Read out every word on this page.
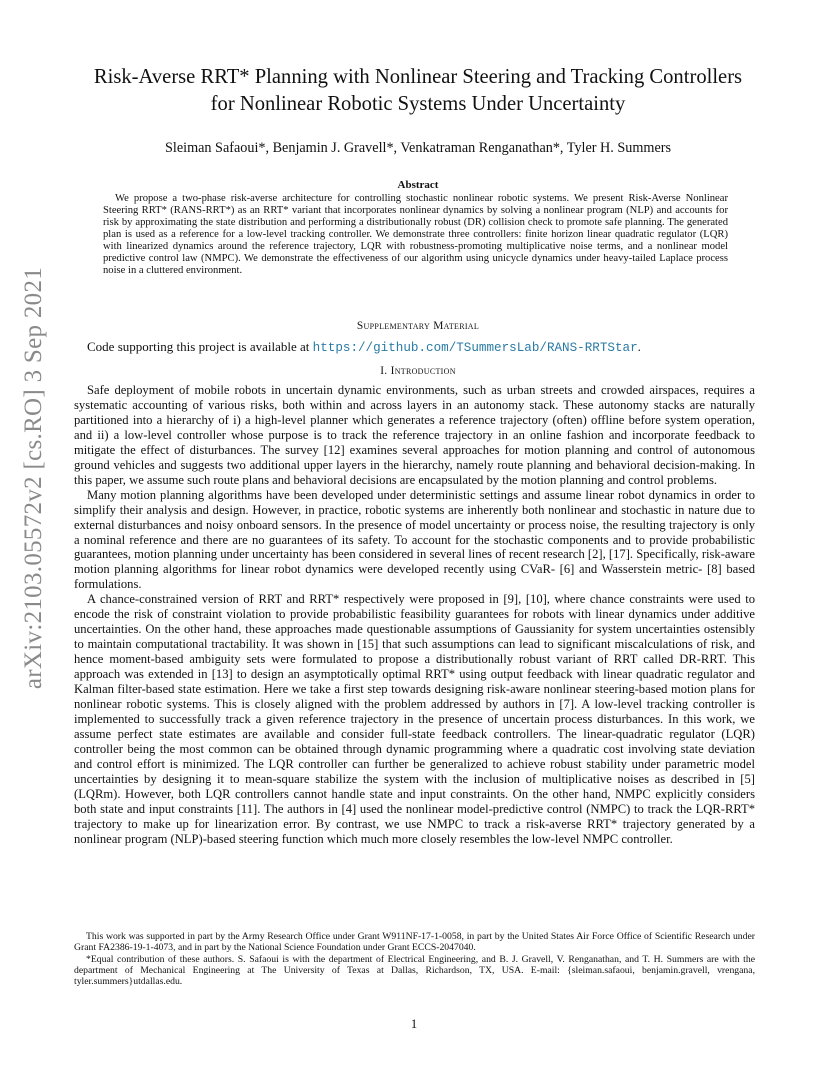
arXiv:2103.05572v2 [cs.RO] 3 Sep 2021
Risk-Averse RRT* Planning with Nonlinear Steering and Tracking Controllers for Nonlinear Robotic Systems Under Uncertainty
Sleiman Safaoui*, Benjamin J. Gravell*, Venkatraman Renganathan*, Tyler H. Summers
Abstract

We propose a two-phase risk-averse architecture for controlling stochastic nonlinear robotic systems. We present Risk-Averse Nonlinear Steering RRT* (RANS-RRT*) as an RRT* variant that incorporates nonlinear dynamics by solving a nonlinear program (NLP) and accounts for risk by approximating the state distribution and performing a distributionally robust (DR) collision check to promote safe planning. The generated plan is used as a reference for a low-level tracking controller. We demonstrate three controllers: finite horizon linear quadratic regulator (LQR) with linearized dynamics around the reference trajectory, LQR with robustness-promoting multiplicative noise terms, and a nonlinear model predictive control law (NMPC). We demonstrate the effectiveness of our algorithm using unicycle dynamics under heavy-tailed Laplace process noise in a cluttered environment.

Supplementary Material
Code supporting this project is available at https://github.com/TSummersLab/RANS-RRTStar.
I. Introduction

Safe deployment of mobile robots in uncertain dynamic environments, such as urban streets and crowded airspaces, requires a systematic accounting of various risks, both within and across layers in an autonomy stack. These autonomy stacks are naturally partitioned into a hierarchy of i) a high-level planner which generates a reference trajectory (often) offline before system operation, and ii) a low-level controller whose purpose is to track the reference trajectory in an online fashion and incorporate feedback to mitigate the effect of disturbances. The survey [12] examines several approaches for motion planning and control of autonomous ground vehicles and suggests two additional upper layers in the hierarchy, namely route planning and behavioral decision-making. In this paper, we assume such route plans and behavioral decisions are encapsulated by the motion planning and control problems.

Many motion planning algorithms have been developed under deterministic settings and assume linear robot dynamics in order to simplify their analysis and design. However, in practice, robotic systems are inherently both nonlinear and stochastic in nature due to external disturbances and noisy onboard sensors. In the presence of model uncertainty or process noise, the resulting trajectory is only a nominal reference and there are no guarantees of its safety. To account for the stochastic components and to provide probabilistic guarantees, motion planning under uncertainty has been considered in several lines of recent research [2], [17]. Specifically, risk-aware motion planning algorithms for linear robot dynamics were developed recently using CVaR- [6] and Wasserstein metric- [8] based formulations.

A chance-constrained version of RRT and RRT* respectively were proposed in [9], [10], where chance constraints were used to encode the risk of constraint violation to provide probabilistic feasibility guarantees for robots with linear dynamics under additive uncertainties. On the other hand, these approaches made questionable assumptions of Gaussianity for system uncertainties ostensibly to maintain computational tractability. It was shown in [15] that such assumptions can lead to significant miscalculations of risk, and hence moment-based ambiguity sets were formulated to propose a distributionally robust variant of RRT called DR-RRT. This approach was extended in [13] to design an asymptotically optimal RRT* using output feedback with linear quadratic regulator and Kalman filter-based state estimation. Here we take a first step towards designing risk-aware nonlinear steering-based motion plans for nonlinear robotic systems. This is closely aligned with the problem addressed by authors in [7]. A low-level tracking controller is implemented to successfully track a given reference trajectory in the presence of uncertain process disturbances. In this work, we assume perfect state estimates are available and consider full-state feedback controllers. The linear-quadratic regulator (LQR) controller being the most common can be obtained through dynamic programming where a quadratic cost involving state deviation and control effort is minimized. The LQR controller can further be generalized to achieve robust stability under parametric model uncertainties by designing it to mean-square stabilize the system with the inclusion of multiplicative noises as described in [5] (LQRm). However, both LQR controllers cannot handle state and input constraints. On the other hand, NMPC explicitly considers both state and input constraints [11]. The authors in [4] used the nonlinear model-predictive control (NMPC) to track the LQR-RRT* trajectory to make up for linearization error. By contrast, we use NMPC to track a risk-averse RRT* trajectory generated by a nonlinear program (NLP)-based steering function which much more closely resembles the low-level NMPC controller.

This work was supported in part by the Army Research Office under Grant W911NF-17-1-0058, in part by the United States Air Force Office of Scientific Research under Grant FA2386-19-1-4073, and in part by the National Science Foundation under Grant ECCS-2047040.

*Equal contribution of these authors. S. Safaoui is with the department of Electrical Engineering, and B. J. Gravell, V. Renganathan, and T. H. Summers are with the department of Mechanical Engineering at The University of Texas at Dallas, Richardson, TX, USA. E-mail: {sleiman.safaoui, benjamin.gravell, vrengana, tyler.summers}utdallas.edu.

1
